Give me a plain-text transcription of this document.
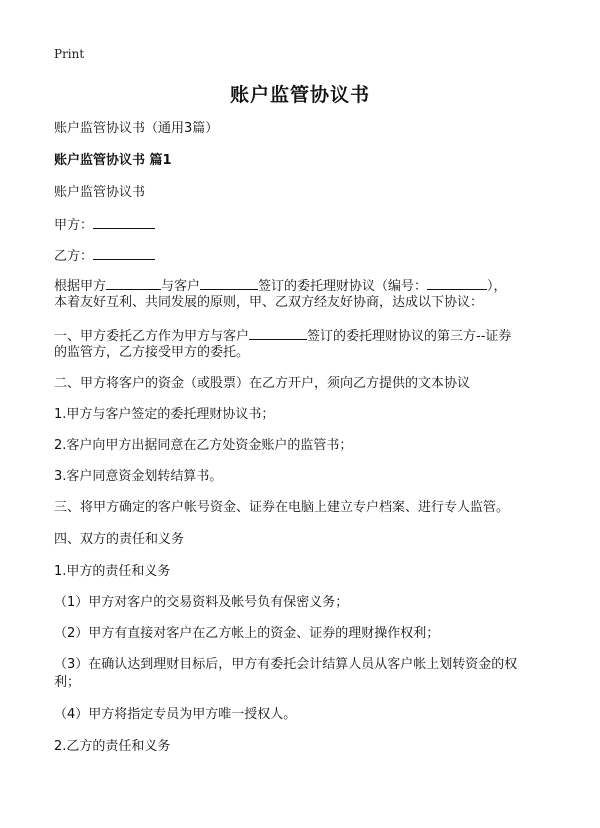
Print
账户监管协议书
账户监管协议书（通用3篇）
账户监管协议书 篇1
账户监管协议书
甲方：
乙方：
根据甲方	与客户	签订的委托理财协议（编号：	），
本着友好互利、共同发展的原则，甲、乙双方经友好协商，达成以下协议：
一、甲方委托乙方作为甲方与客户	签订的委托理财协议的第三方--证券
的监管方，乙方接受甲方的委托。
二、甲方将客户的资金（或股票）在乙方开户，须向乙方提供的文本协议
1.甲方与客户签定的委托理财协议书；
2.客户向甲方出据同意在乙方处资金账户的监管书；
3.客户同意资金划转结算书。
三、将甲方确定的客户帐号资金、证券在电脑上建立专户档案、进行专人监管。
四、双方的责任和义务
1.甲方的责任和义务
（1）甲方对客户的交易资料及帐号负有保密义务；
（2）甲方有直接对客户在乙方帐上的资金、证券的理财操作权利；
（3）在确认达到理财目标后，甲方有委托会计结算人员从客户帐上划转资金的权
利；
（4）甲方将指定专员为甲方唯一授权人。
2.乙方的责任和义务
